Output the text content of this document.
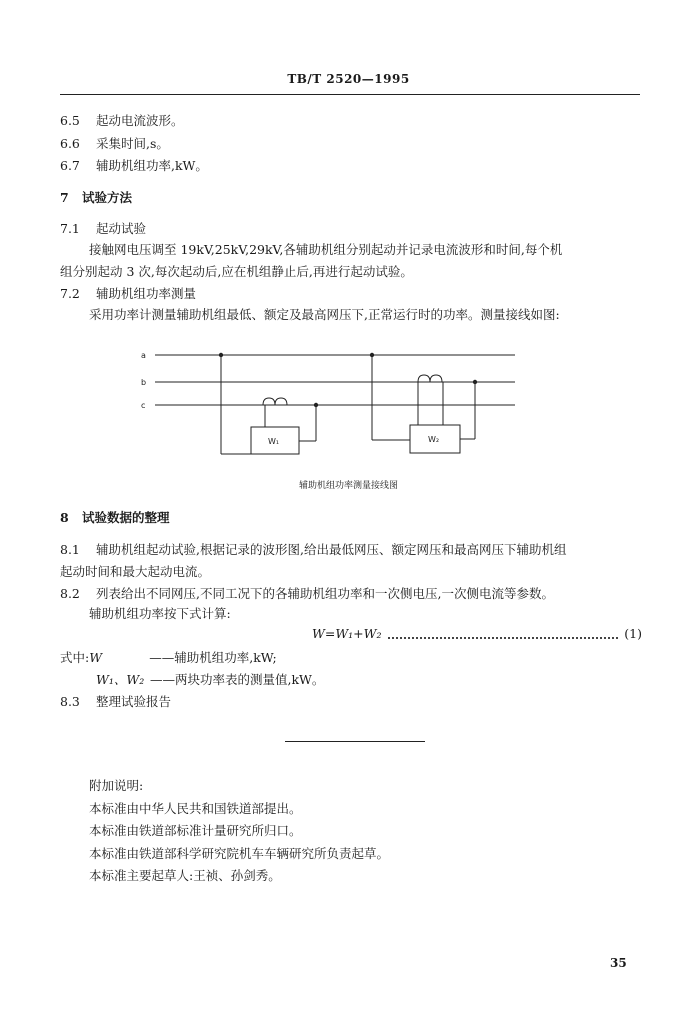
TB/T 2520—1995
6.5 起动电流波形。
6.6 采集时间,s。
6.7 辅助机组功率,kW。
7 试验方法
7.1 起动试验
接触网电压调至 19kV,25kV,29kV,各辅助机组分别起动并记录电流波形和时间,每个机
组分别起动 3 次,每次起动后,应在机组静止后,再进行起动试验。
7.2 辅助机组功率测量
采用功率计测量辅助机组最低、额定及最高网压下,正常运行时的功率。测量接线如图:
a
b
c
W₁	W₂
辅助机组功率测量接线图
8 试验数据的整理
8.1 辅助机组起动试验,根据记录的波形图,给出最低网压、额定网压和最高网压下辅助机组
起动时间和最大起动电流。
8.2 列表给出不同网压,不同工况下的各辅助机组功率和一次侧电压,一次侧电流等参数。
辅助机组功率按下式计算:
W=W₁+W₂	(1)
式中:W	——辅助机组功率,kW;
W₁、W₂ ——两块功率表的测量值,kW。
8.3 整理试验报告
附加说明:
本标准由中华人民共和国铁道部提出。
本标准由铁道部标准计量研究所归口。
本标准由铁道部科学研究院机车车辆研究所负责起草。
本标准主要起草人:王祯、孙剑秀。
35
